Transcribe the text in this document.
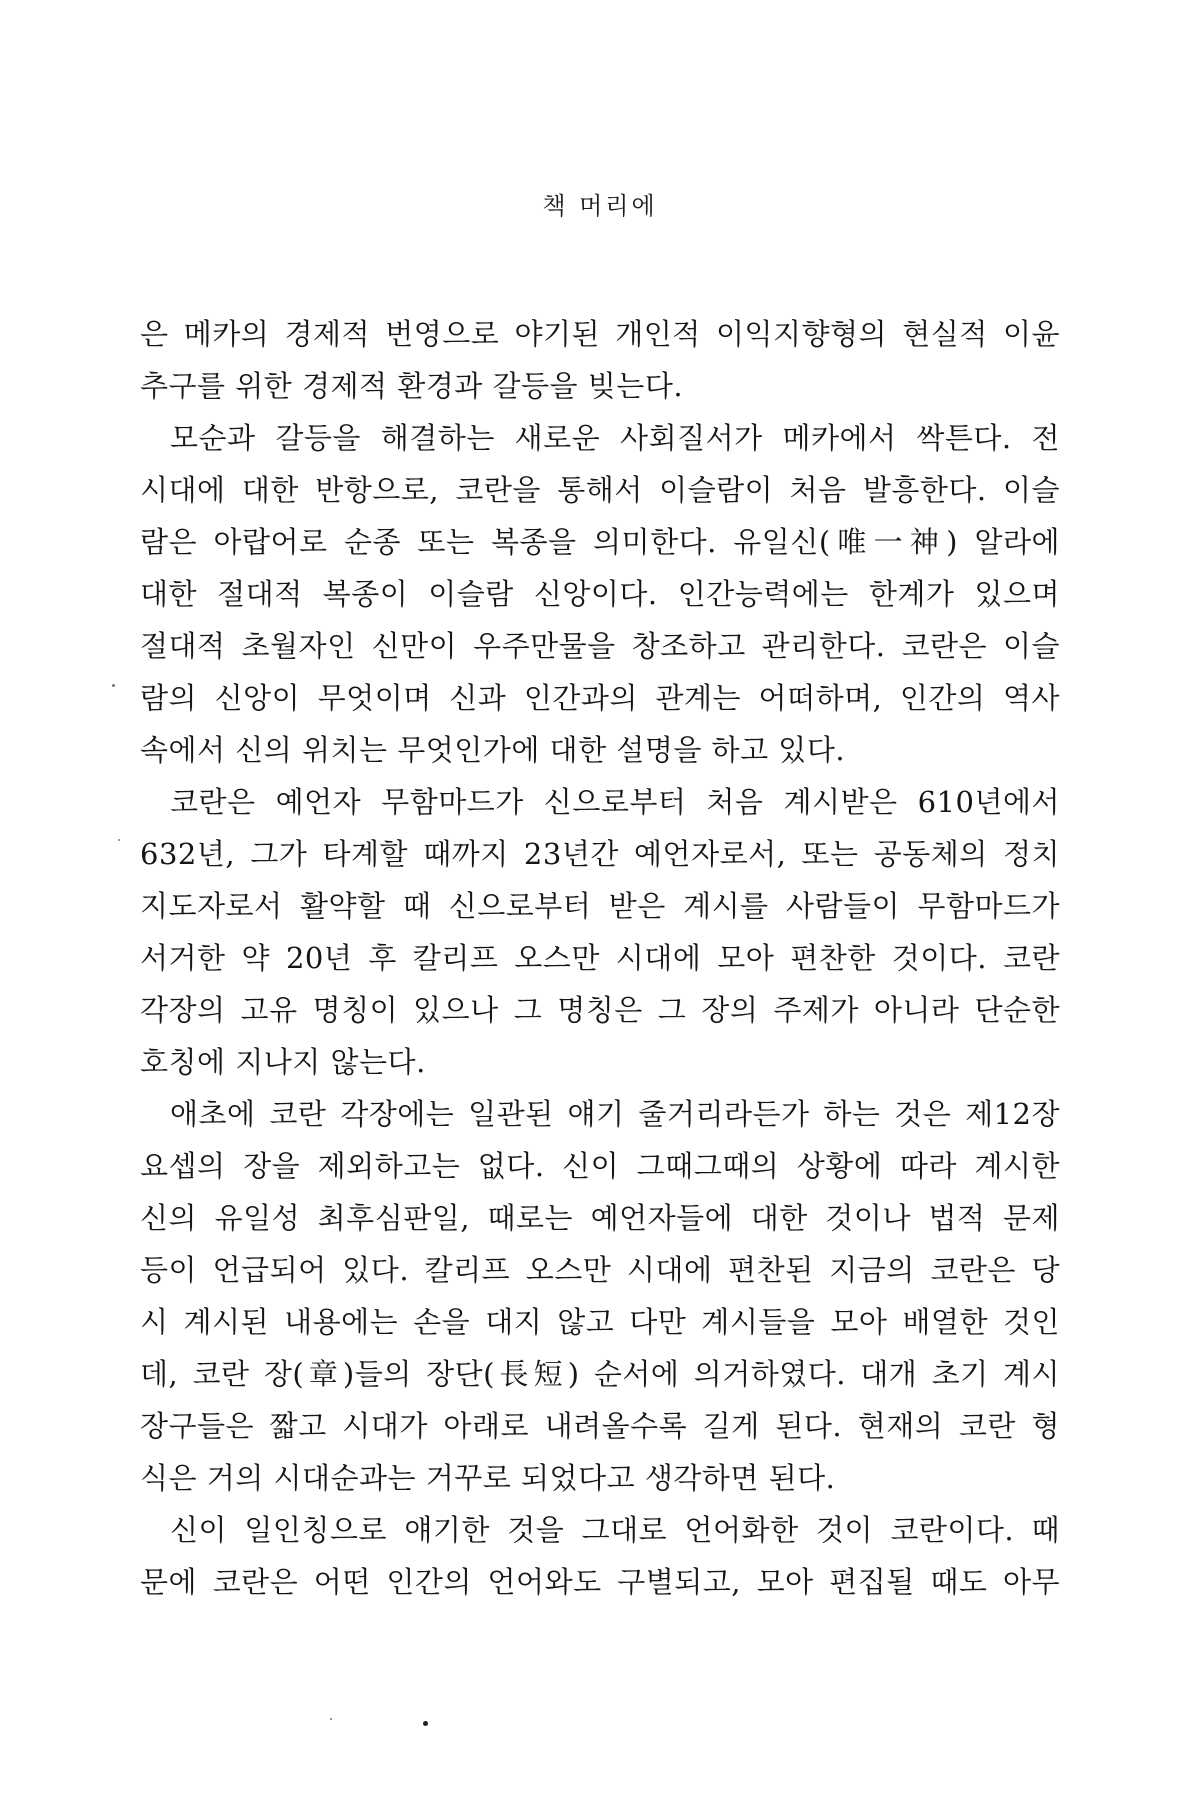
책 머리에
은 메카의 경제적 번영으로 야기된 개인적 이익지향형의 현실적 이윤
추구를 위한 경제적 환경과 갈등을 빚는다.
모순과 갈등을 해결하는 새로운 사회질서가 메카에서 싹튼다. 전
시대에 대한 반항으로, 코란을 통해서 이슬람이 처음 발흥한다. 이슬
람은 아랍어로 순종 또는 복종을 의미한다. 유일신(唯一神) 알라에
대한 절대적 복종이 이슬람 신앙이다. 인간능력에는 한계가 있으며
절대적 초월자인 신만이 우주만물을 창조하고 관리한다. 코란은 이슬
람의 신앙이 무엇이며 신과 인간과의 관계는 어떠하며, 인간의 역사
속에서 신의 위치는 무엇인가에 대한 설명을 하고 있다.
코란은 예언자 무함마드가 신으로부터 처음 계시받은 610년에서
632년, 그가 타계할 때까지 23년간 예언자로서, 또는 공동체의 정치
지도자로서 활약할 때 신으로부터 받은 계시를 사람들이 무함마드가
서거한 약 20년 후 칼리프 오스만 시대에 모아 편찬한 것이다. 코란
각장의 고유 명칭이 있으나 그 명칭은 그 장의 주제가 아니라 단순한
호칭에 지나지 않는다.
애초에 코란 각장에는 일관된 얘기 줄거리라든가 하는 것은 제12장
요셉의 장을 제외하고는 없다. 신이 그때그때의 상황에 따라 계시한
신의 유일성 최후심판일, 때로는 예언자들에 대한 것이나 법적 문제
등이 언급되어 있다. 칼리프 오스만 시대에 편찬된 지금의 코란은 당
시 계시된 내용에는 손을 대지 않고 다만 계시들을 모아 배열한 것인
데, 코란 장(章)들의 장단(長短) 순서에 의거하였다. 대개 초기 계시
장구들은 짧고 시대가 아래로 내려올수록 길게 된다. 현재의 코란 형
식은 거의 시대순과는 거꾸로 되었다고 생각하면 된다.
신이 일인칭으로 얘기한 것을 그대로 언어화한 것이 코란이다. 때
문에 코란은 어떤 인간의 언어와도 구별되고, 모아 편집될 때도 아무
